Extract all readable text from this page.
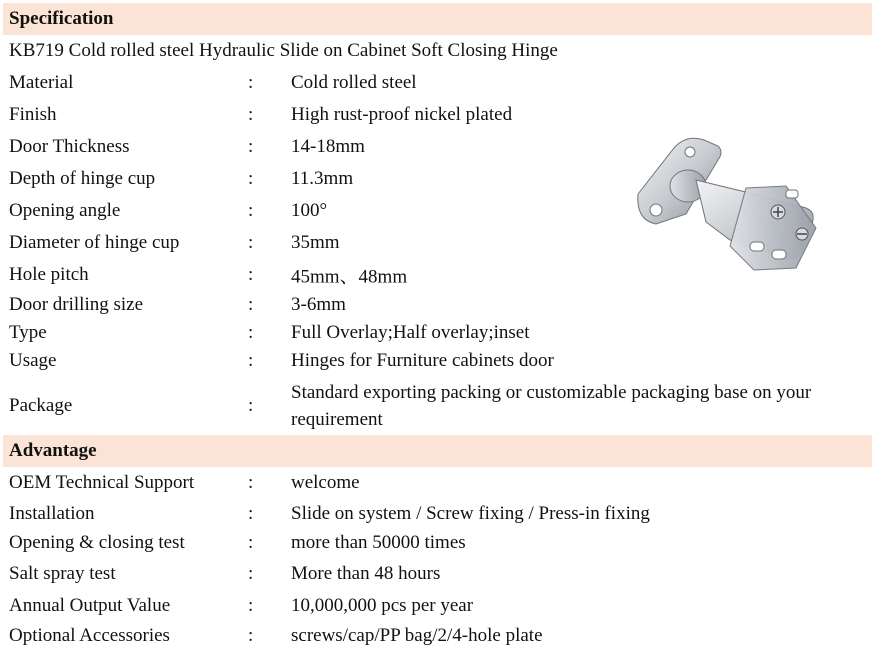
Specification
KB719 Cold rolled steel Hydraulic Slide on Cabinet Soft Closing Hinge
Material	: Cold rolled steel
Finish	: High rust-proof nickel plated
Door Thickness	: 14-18mm
Depth of hinge cup	: 11.3mm
Opening angle	: 100°
Diameter of hinge cup	: 35mm
Hole pitch	: 45mm、48mm
Door drilling size	: 3-6mm
Type	: Full Overlay;Half overlay;inset
Usage	: Hinges for Furniture cabinets door
Package	:
Standard exporting packing or customizable packaging base on your requirement
Advantage
OEM Technical Support	: welcome
Installation	: Slide on system / Screw fixing / Press-in fixing
Opening & closing test	: more than 50000 times
Salt spray test	: More than 48 hours
Annual Output Value	: 10,000,000 pcs per year
Optional Accessories	: screws/cap/PP bag/2/4-hole plate
